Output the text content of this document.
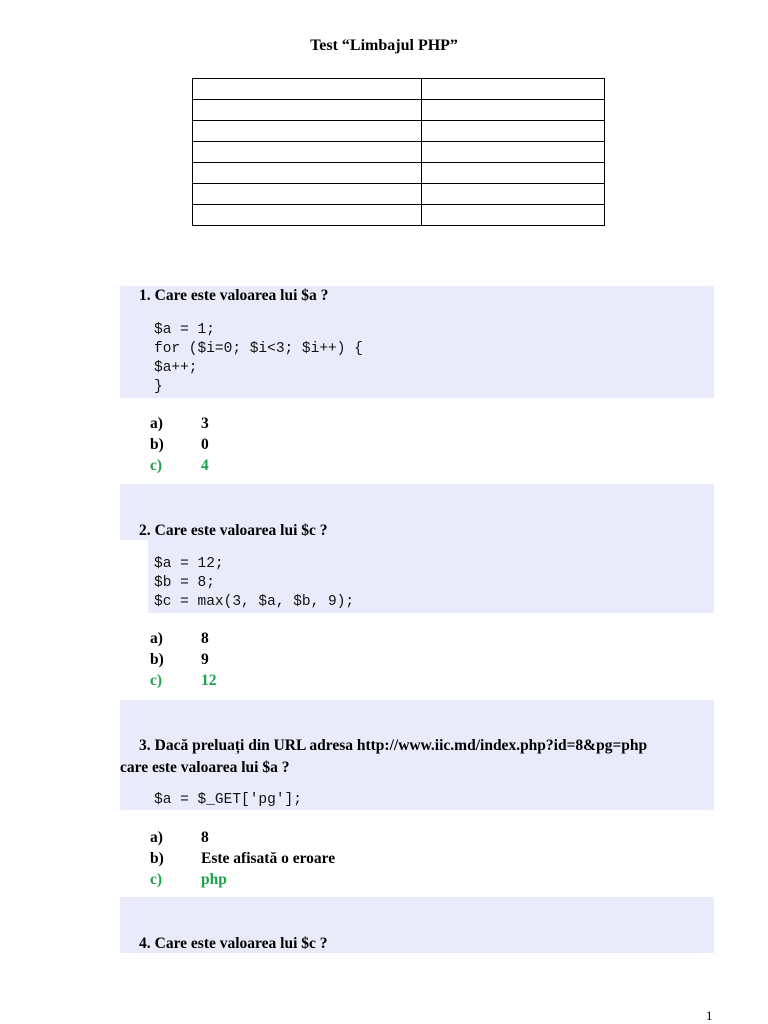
Test “Limbajul PHP”

1. Care este valoarea lui $a ?
$a = 1;
for ($i=0; $i<3; $i++) {
$a++;
}
a) 3
b) 0
c)	4
2. Care este valoarea lui $c ?
$a = 12;
$b = 8;
$c = max(3, $a, $b, 9);
a) 8
b) 9
c)	12
3. Dacă preluați din URL adresa http://www.iic.md/index.php?id=8&pg=php
care este valoarea lui $a ?
$a = $_GET['pg'];
a) 8
b) Este afisată o eroare
c)	php
4. Care este valoarea lui $c ?
1
